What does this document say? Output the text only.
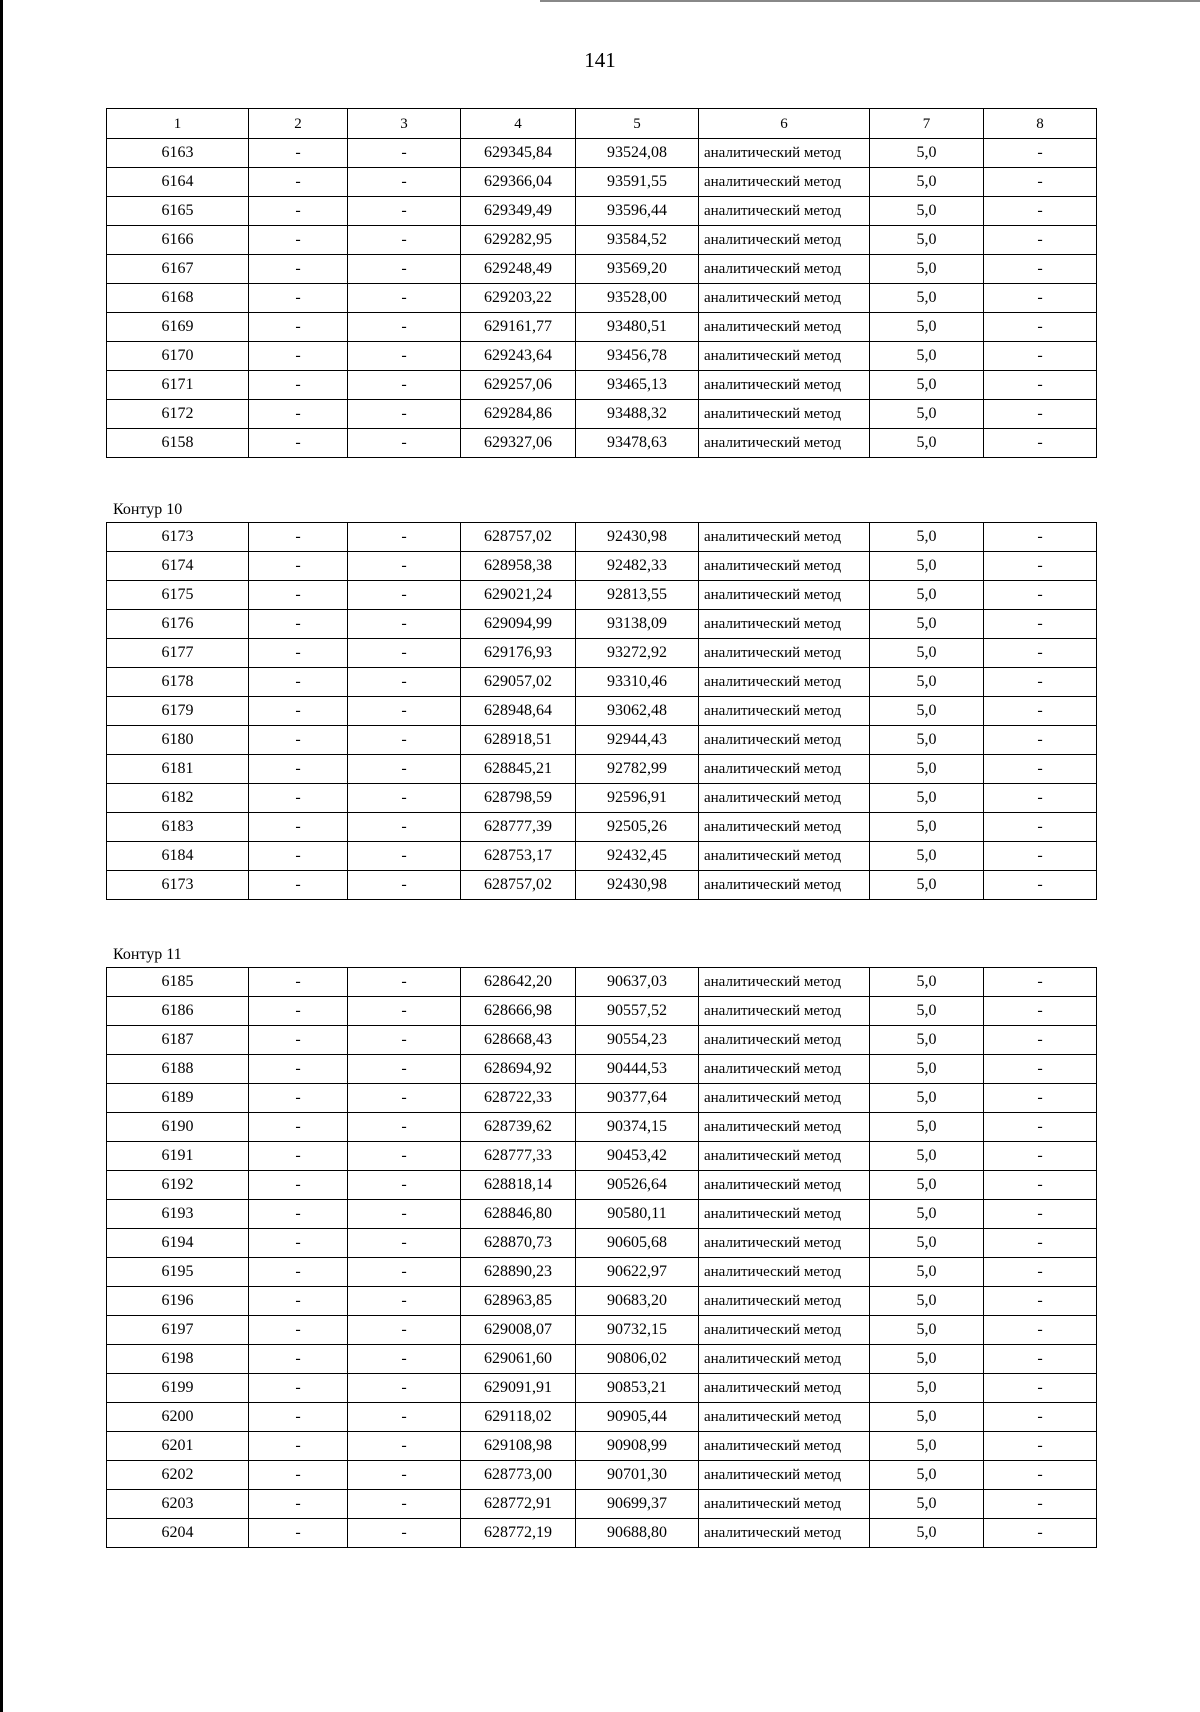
141
Контур 10
Контур 11
1	2	3	4	5	6	7	8
6163	-	-	629345,84	93524,08	аналитический метод	5,0	-
6164	-	-	629366,04	93591,55	аналитический метод	5,0	-
6165	-	-	629349,49	93596,44	аналитический метод	5,0	-
6166	-	-	629282,95	93584,52	аналитический метод	5,0	-
6167	-	-	629248,49	93569,20	аналитический метод	5,0	-
6168	-	-	629203,22	93528,00	аналитический метод	5,0	-
6169	-	-	629161,77	93480,51	аналитический метод	5,0	-
6170	-	-	629243,64	93456,78	аналитический метод	5,0	-
6171	-	-	629257,06	93465,13	аналитический метод	5,0	-
6172	-	-	629284,86	93488,32	аналитический метод	5,0	-
6158	-	-	629327,06	93478,63	аналитический метод	5,0	-
6173	-	-	628757,02	92430,98	аналитический метод	5,0	-
6174	-	-	628958,38	92482,33	аналитический метод	5,0	-
6175	-	-	629021,24	92813,55	аналитический метод	5,0	-
6176	-	-	629094,99	93138,09	аналитический метод	5,0	-
6177	-	-	629176,93	93272,92	аналитический метод	5,0	-
6178	-	-	629057,02	93310,46	аналитический метод	5,0	-
6179	-	-	628948,64	93062,48	аналитический метод	5,0	-
6180	-	-	628918,51	92944,43	аналитический метод	5,0	-
6181	-	-	628845,21	92782,99	аналитический метод	5,0	-
6182	-	-	628798,59	92596,91	аналитический метод	5,0	-
6183	-	-	628777,39	92505,26	аналитический метод	5,0	-
6184	-	-	628753,17	92432,45	аналитический метод	5,0	-
6173	-	-	628757,02	92430,98	аналитический метод	5,0	-
6185	-	-	628642,20	90637,03	аналитический метод	5,0	-
6186	-	-	628666,98	90557,52	аналитический метод	5,0	-
6187	-	-	628668,43	90554,23	аналитический метод	5,0	-
6188	-	-	628694,92	90444,53	аналитический метод	5,0	-
6189	-	-	628722,33	90377,64	аналитический метод	5,0	-
6190	-	-	628739,62	90374,15	аналитический метод	5,0	-
6191	-	-	628777,33	90453,42	аналитический метод	5,0	-
6192	-	-	628818,14	90526,64	аналитический метод	5,0	-
6193	-	-	628846,80	90580,11	аналитический метод	5,0	-
6194	-	-	628870,73	90605,68	аналитический метод	5,0	-
6195	-	-	628890,23	90622,97	аналитический метод	5,0	-
6196	-	-	628963,85	90683,20	аналитический метод	5,0	-
6197	-	-	629008,07	90732,15	аналитический метод	5,0	-
6198	-	-	629061,60	90806,02	аналитический метод	5,0	-
6199	-	-	629091,91	90853,21	аналитический метод	5,0	-
6200	-	-	629118,02	90905,44	аналитический метод	5,0	-
6201	-	-	629108,98	90908,99	аналитический метод	5,0	-
6202	-	-	628773,00	90701,30	аналитический метод	5,0	-
6203	-	-	628772,91	90699,37	аналитический метод	5,0	-
6204	-	-	628772,19	90688,80	аналитический метод	5,0	-
